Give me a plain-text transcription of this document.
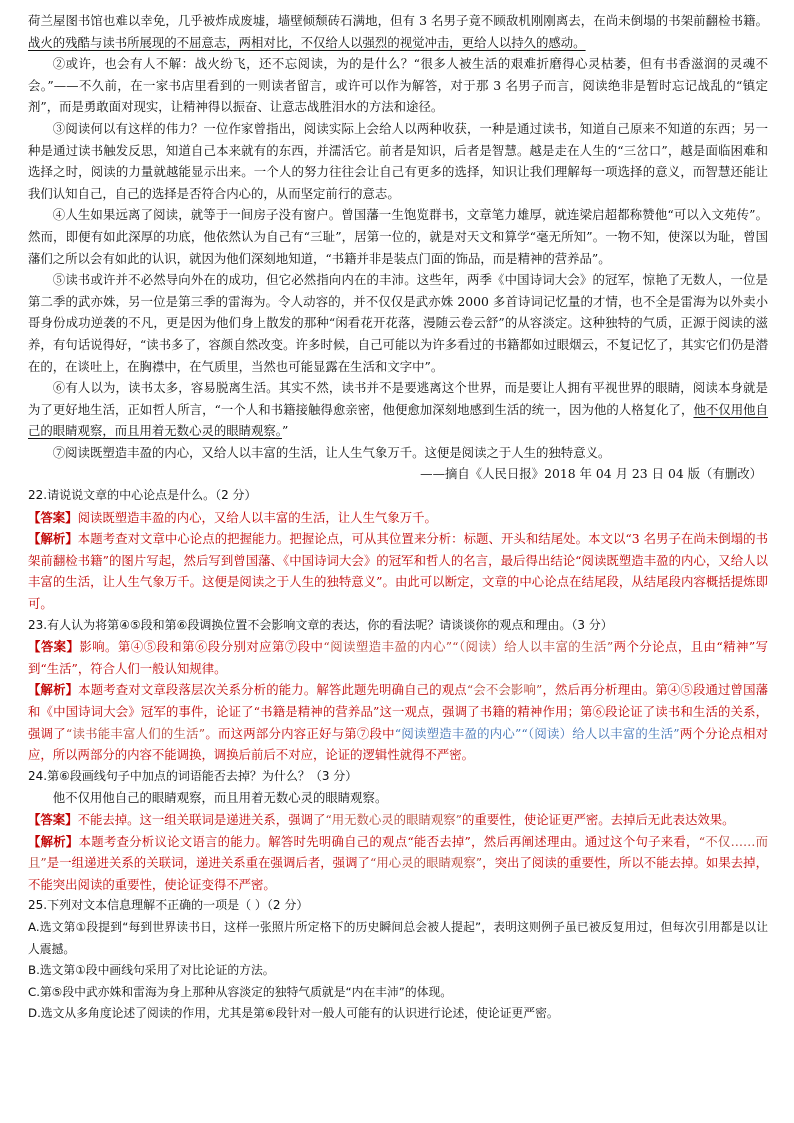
荷兰屋图书馆也难以幸免，几乎被炸成废墟，墙壁倾颓砖石满地，但有 3 名男子竟不顾敌机刚刚离去，在尚未倒塌的书架前翻检书籍。战火的残酷与读书所展现的不屈意志，两相对比，不仅给人以强烈的视觉冲击，更给人以持久的感动。

②或许，也会有人不解：战火纷飞，还不忘阅读，为的是什么？“很多人被生活的艰难折磨得心灵枯萎，但有书香滋润的灵魂不会。”——不久前，在一家书店里看到的一则读者留言，或许可以作为解答，对于那 3 名男子而言，阅读绝非是暂时忘记战乱的“镇定剂”，而是勇敢面对现实，让精神得以振奋、让意志战胜泪水的方法和途径。

③阅读何以有这样的伟力？一位作家曾指出，阅读实际上会给人以两种收获，一种是通过读书，知道自己原来不知道的东西；另一种是通过读书触发反思，知道自己本来就有的东西，并濡活它。前者是知识，后者是智慧。越是走在人生的“三岔口”，越是面临困难和选择之时，阅读的力量就越能显示出来。一个人的努力往往会让自己有更多的选择，知识让我们理解每一项选择的意义，而智慧还能让我们认知自己，自己的选择是否符合内心的，从而坚定前行的意志。

④人生如果远离了阅读，就等于一间房子没有窗户。曾国藩一生饱览群书，文章笔力雄厚，就连梁启超都称赞他“可以入文苑传”。然而，即便有如此深厚的功底，他依然认为自己有“三耻”，居第一位的，就是对天文和算学“毫无所知”。一物不知，使深以为耻，曾国藩们之所以会有如此的认识，就因为他们深刻地知道，“书籍并非是装点门面的饰品，而是精神的营养品”。

⑤读书或许并不必然导向外在的成功，但它必然指向内在的丰沛。这些年，两季《中国诗词大会》的冠军，惊艳了无数人，一位是第二季的武亦姝，另一位是第三季的雷海为。令人动容的，并不仅仅是武亦姝 2000 多首诗词记忆量的才情，也不全是雷海为以外卖小哥身份成功逆袭的不凡，更是因为他们身上散发的那种“闲看花开花落，漫随云卷云舒”的从容淡定。这种独特的气质，正源于阅读的滋养，有句话说得好，“读书多了，容颜自然改变。许多时候，自己可能以为许多看过的书籍都如过眼烟云，不复记忆了，其实它们仍是潜在的，在谈吐上，在胸襟中，在气质里，当然也可能显露在生活和文字中”。

⑥有人以为，读书太多，容易脱离生活。其实不然，读书并不是要逃离这个世界，而是要让人拥有平视世界的眼睛，阅读本身就是为了更好地生活，正如哲人所言，“一个人和书籍接触得愈亲密，他便愈加深刻地感到生活的统一，因为他的人格复化了，他不仅用他自己的眼睛观察，而且用着无数心灵的眼睛观察。”

⑦阅读既塑造丰盈的内心，又给人以丰富的生活，让人生气象万千。这便是阅读之于人生的独特意义。

——摘自《人民日报》2018 年 04 月 23 日 04 版（有删改）

22.请说说文章的中心论点是什么。（2 分）

【答案】阅读既塑造丰盈的内心，又给人以丰富的生活，让人生气象万千。

【解析】本题考查对文章中心论点的把握能力。把握论点，可从其位置来分析：标题、开头和结尾处。本文以“3 名男子在尚未倒塌的书架前翻检书籍”的图片写起，然后写到曾国藩、《中国诗词大会》的冠军和哲人的名言，最后得出结论“阅读既塑造丰盈的内心，又给人以丰富的生活，让人生气象万千。这便是阅读之于人生的独特意义”。由此可以断定，文章的中心论点在结尾段，从结尾段内容概括提炼即可。

23.有人认为将第④⑤段和第⑥段调换位置不会影响文章的表达，你的看法呢？请谈谈你的观点和理由。（3 分）

【答案】影响。第④⑤段和第⑥段分别对应第⑦段中“阅读塑造丰盈的内心”“（阅读）给人以丰富的生活”两个分论点，且由“精神”写到“生活”，符合人们一般认知规律。

【解析】本题考查对文章段落层次关系分析的能力。解答此题先明确自己的观点“会不会影响”，然后再分析理由。第④⑤段通过曾国藩和《中国诗词大会》冠军的事件，论证了“书籍是精神的营养品”这一观点，强调了书籍的精神作用；第⑥段论证了读书和生活的关系，强调了“读书能丰富人们的生活”。而这两部分内容正好与第⑦段中“阅读塑造丰盈的内心”“（阅读）给人以丰富的生活”两个分论点相对应，所以两部分的内容不能调换，调换后前后不对应，论证的逻辑性就得不严密。

24.第⑥段画线句子中加点的词语能否去掉？为什么？（3 分）

他不仅用他自己的眼睛观察，而且用着无数心灵的眼睛观察。

【答案】不能去掉。这一组关联词是递进关系，强调了“用无数心灵的眼睛观察”的重要性，使论证更严密。去掉后无此表达效果。

【解析】本题考查分析议论文语言的能力。解答时先明确自己的观点“能否去掉”，然后再阐述理由。通过这个句子来看，“不仅……而且”是一组递进关系的关联词，递进关系重在强调后者，强调了“用心灵的眼睛观察”，突出了阅读的重要性，所以不能去掉。如果去掉，不能突出阅读的重要性，使论证变得不严密。

25.下列对文本信息理解不正确的一项是（ ）（2 分）

A.选文第①段提到“每到世界读书日，这样一张照片所定格下的历史瞬间总会被人提起”，表明这则例子虽已被反复用过，但每次引用都是以让人震撼。

B.选文第①段中画线句采用了对比论证的方法。

C.第⑤段中武亦姝和雷海为身上那种从容淡定的独特气质就是“内在丰沛”的体现。

D.选文从多角度论述了阅读的作用，尤其是第⑥段针对一般人可能有的认识进行论述，使论证更严密。
